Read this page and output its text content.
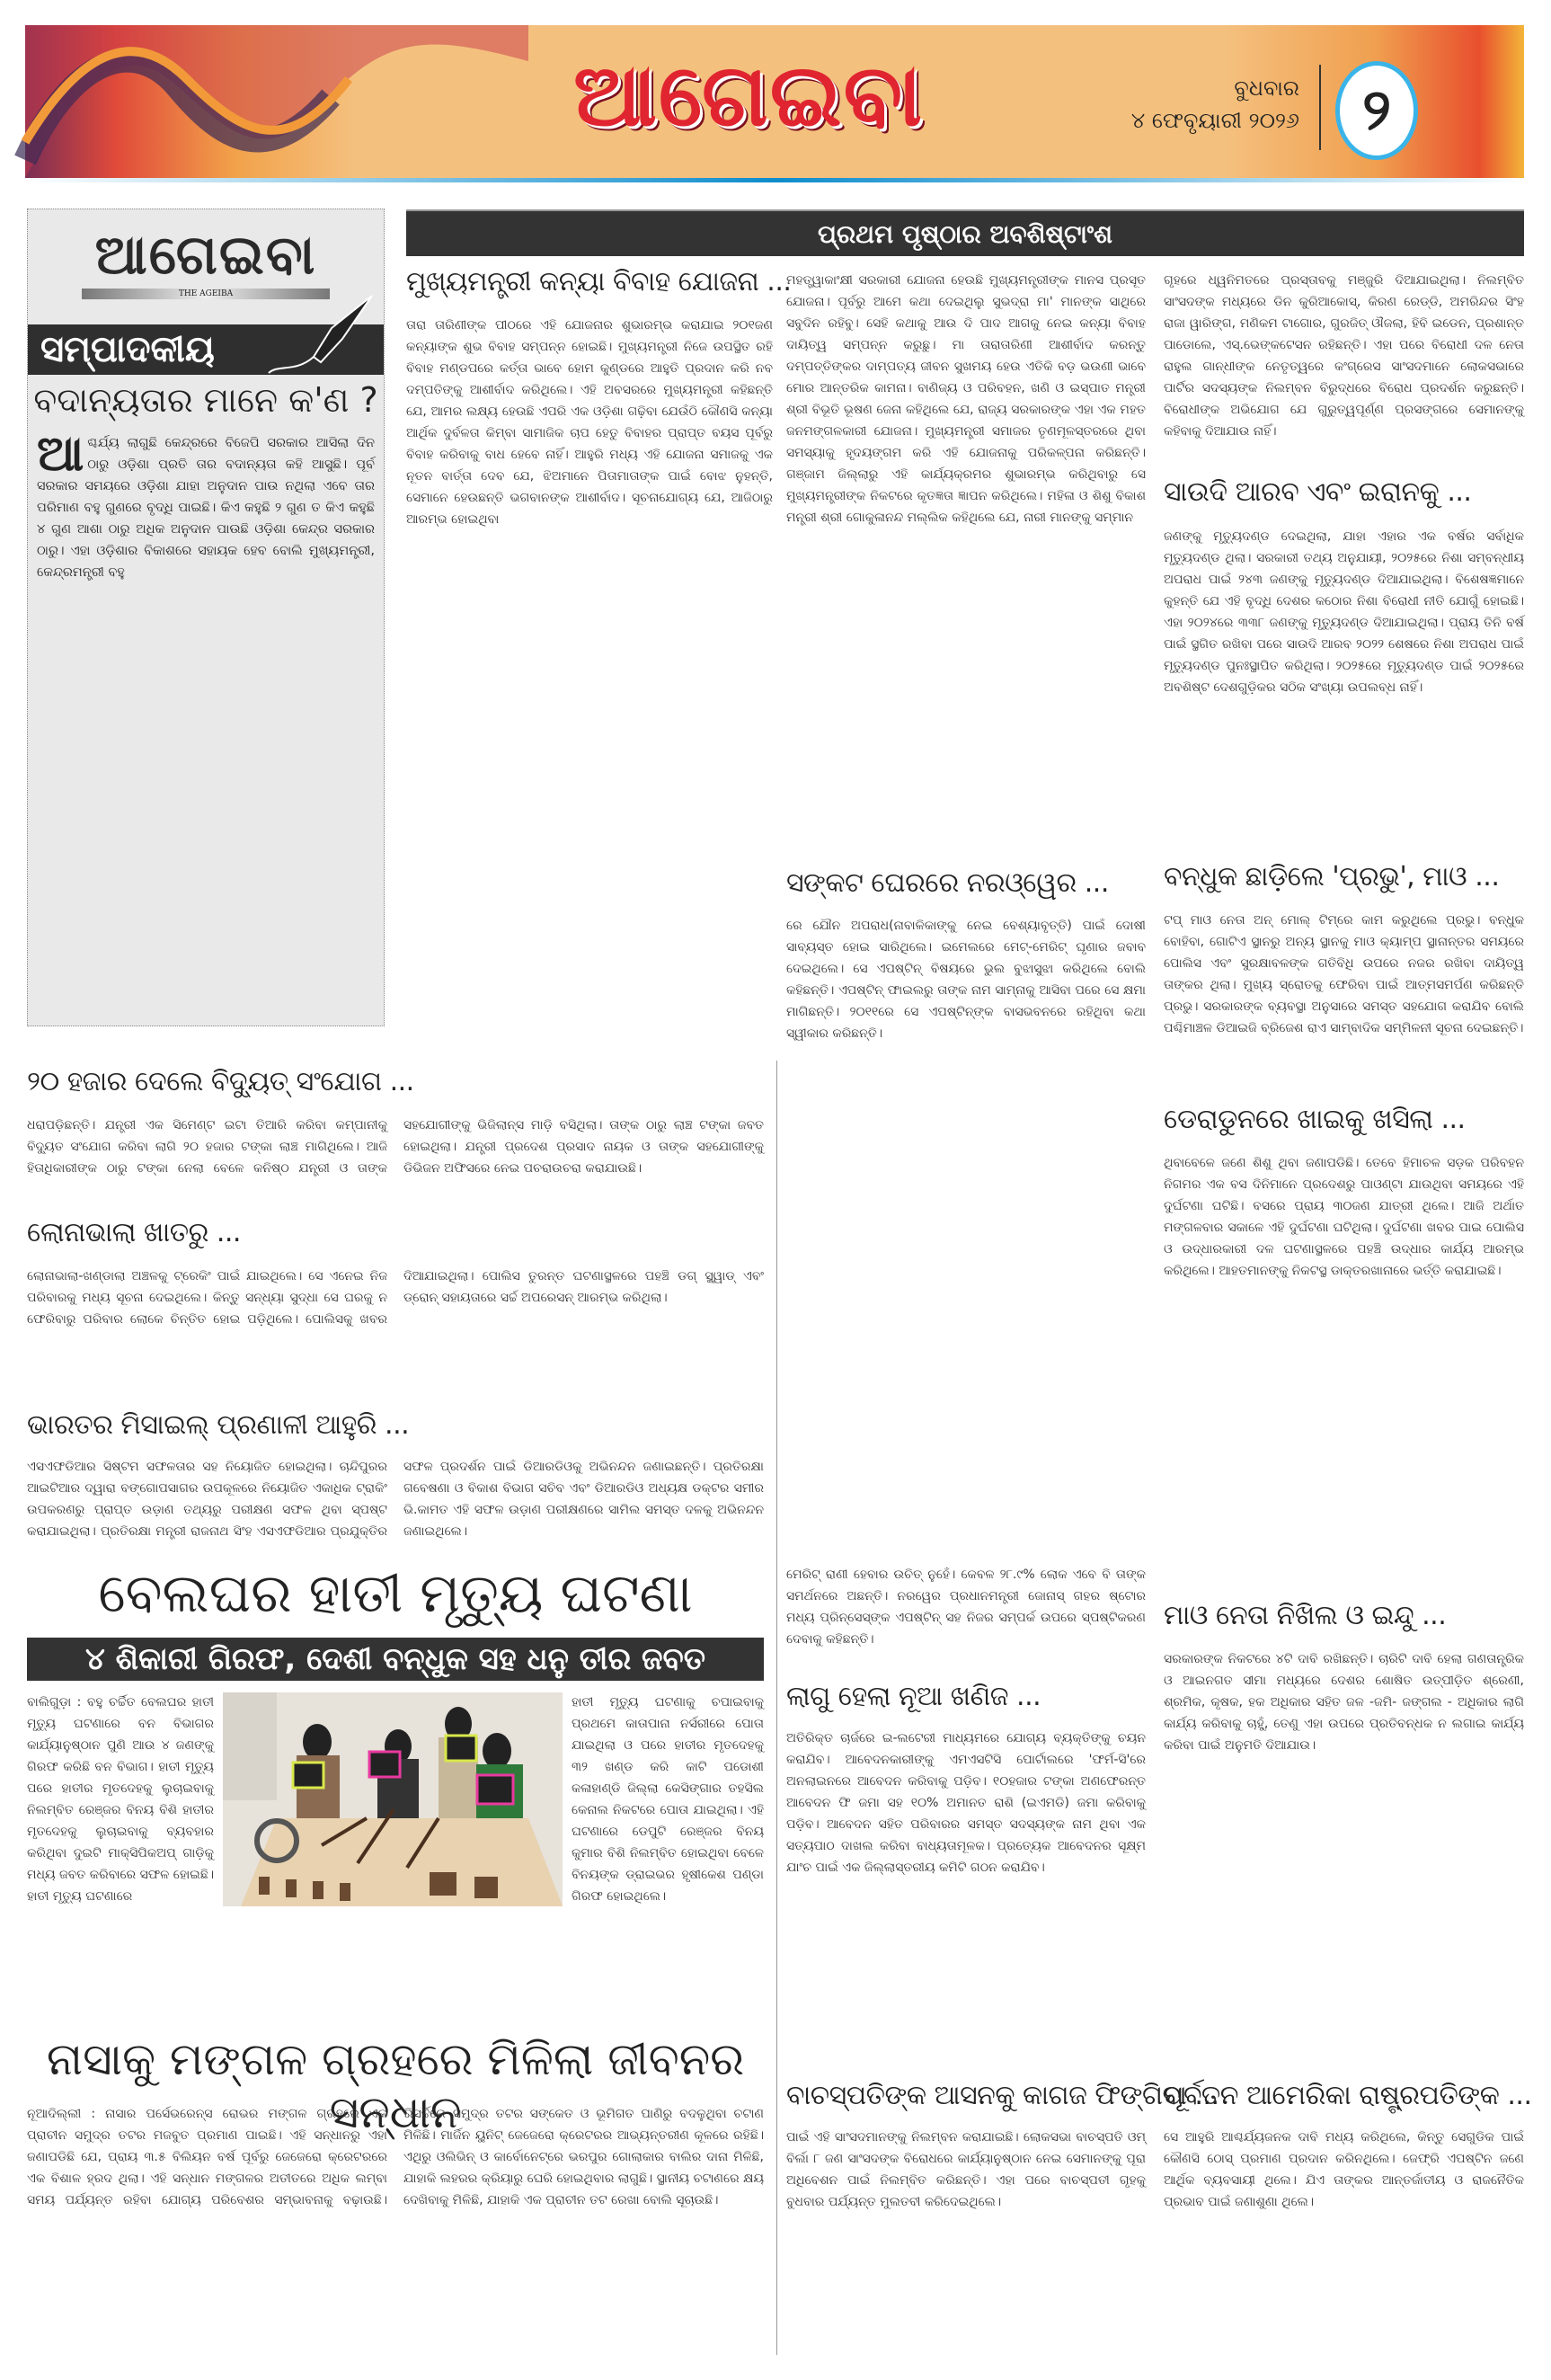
ଆଗେଇବା	ବୁଧବାର
୪ ଫେବୃୟାରୀ ୨୦୨୬	୨
ଆଗେଇବା
THE AGEIBA
ସମ୍ପାଦକୀୟ
ବଦାନ୍ୟତାର ମାନେ କ'ଣ ?
ଆଶ୍ଚର୍ଯ୍ୟ ଲାଗୁଛି କେନ୍ଦ୍ରରେ ବିଜେପି ସରକାର ଆସିଲା ଦିନ ଠାରୁ ଓଡ଼ିଶା ପ୍ରତି ତାର ବଦାନ୍ୟତା କହି ଆସୁଛି। ପୂର୍ବ ସରକାର ସମୟରେ ଓଡ଼ିଶା ଯାହା ଅନୁଦାନ ପାଉ ନଥିଲା ଏବେ ତାର ପରିମାଣ ବହୁ ଗୁଣରେ ବୃଦ୍ଧି ପାଇଛି। କିଏ କହୁଛି ୨ ଗୁଣ ତ କିଏ କହୁଛି ୪ ଗୁଣ ଆଶା ଠାରୁ ଅଧିକ ଅନୁଦାନ ପାଉଛି ଓଡ଼ିଶା କେନ୍ଦ୍ର ସରକାର ଠାରୁ। ଏହା ଓଡ଼ିଶାର ବିକାଶରେ ସହାୟକ ହେବ ବୋଲି ମୁଖ୍ୟମନ୍ତ୍ରୀ, କେନ୍ଦ୍ରମନ୍ତ୍ରୀ ବହୁ
ପ୍ରଥମ ପୃଷ୍ଠାର ଅବଶିଷ୍ଟାଂଶ
ମୁଖ୍ୟମନ୍ତ୍ରୀ କନ୍ୟା ବିବାହ ଯୋଜନା ...
ତାରା ତାରିଣୀଙ୍କ ପୀଠରେ ଏହି ଯୋଜନାର ଶୁଭାରମ୍ଭ କରାଯାଇ ୨୦୧ଜଣ କନ୍ୟାଙ୍କ ଶୁଭ ବିବାହ ସମ୍ପନ୍ନ ହୋଇଛି। ମୁଖ୍ୟମନ୍ତ୍ରୀ ନିଜେ ଉପସ୍ଥିତ ରହି ବିବାହ ମଣ୍ଡପରେ କର୍ତ୍ତା ଭାବେ ହୋମ କୁଣ୍ଡରେ ଆହୁତି ପ୍ରଦାନ କରି ନବ ଦମ୍ପତିଙ୍କୁ ଆଶୀର୍ବାଦ କରିଥିଲେ। ଏହି ଅବସରରେ ମୁଖ୍ୟମନ୍ତ୍ରୀ କହିଛନ୍ତି ଯେ, ଆମର ଲକ୍ଷ୍ୟ ହେଉଛି ଏପରି ଏକ ଓଡ଼ିଶା ଗଢ଼ିବା ଯେଉଁଠି କୌଣସି କନ୍ୟା ଆର୍ଥିକ ଦୁର୍ବଳତା କିମ୍ବା ସାମାଜିକ ଚାପ ହେତୁ ବିବାହର ପ୍ରାପ୍ତ ବୟସ ପୂର୍ବରୁ ବିବାହ କରିବାକୁ ବାଧ ହେବେ ନାହିଁ। ଆହୁରି ମଧ୍ୟ ଏହି ଯୋଜନା ସମାଜକୁ ଏକ ନୂତନ ବାର୍ତ୍ତା ଦେବ ଯେ, ଝିଅମାନେ ପିତାମାତାଙ୍କ ପାଇଁ ବୋଝ ନୁହନ୍ତି, ସେମାନେ ହେଉଛନ୍ତି ଭଗବାନଙ୍କ ଆଶୀର୍ବାଦ। ସୂଚନାଯୋଗ୍ୟ ଯେ, ଆଜିଠାରୁ ଆରମ୍ଭ ହୋଇଥିବା
ମହତ୍ତ୍ୱାକାଂକ୍ଷୀ ସରକାରୀ ଯୋଜନା ହେଉଛି ମୁଖ୍ୟମନ୍ତ୍ରୀଙ୍କ ମାନସ ପ୍ରସୂତ ଯୋଜନା। ପୂର୍ବରୁ ଆମେ କଥା ଦେଇଥିଲୁ ସୁଭଦ୍ରା ମା' ମାନଙ୍କ ସାଥିରେ ସବୁଦିନ ରହିବୁ। ସେହି କଥାକୁ ଆଉ ଦି ପାଦ ଆଗକୁ ନେଇ କନ୍ୟା ବିବାହ ଦାୟିତ୍ୱ ସମ୍ପନ୍ନ କରୁଛୁ। ମା ତାରାତାରିଣୀ ଆଶୀର୍ବାଦ କରନ୍ତୁ ଦମ୍ପତ୍ତିଙ୍କର ଦାମ୍ପତ୍ୟ ଜୀବନ ସୁଖମୟ ହେଉ ଏତିକି ବଡ଼ ଭଉଣୀ ଭାବେ ମୋର ଆନ୍ତରିକ କାମନା। ବାଣିଜ୍ୟ ଓ ପରିବହନ, ଖଣି ଓ ଇସ୍ପାତ ମନ୍ତ୍ରୀ ଶ୍ରୀ ବିଭୂତି ଭୂଷଣ ଜେନା କହିଥିଲେ ଯେ, ରାଜ୍ୟ ସରକାରଙ୍କ ଏହା ଏକ ମହତ ଜନମଙ୍ଗଳକାରୀ ଯୋଜନା। ମୁଖ୍ୟମନ୍ତ୍ରୀ ସମାଜର ତୃଣମୂଳସ୍ତରରେ ଥିବା ସମସ୍ୟାକୁ ହୃଦୟଙ୍ଗମ କରି ଏହି ଯୋଜନାକୁ ପରିକଳ୍ପନା କରିଛନ୍ତି। ଗଞ୍ଜାମ ଜିଲ୍ଲାରୁ ଏହି କାର୍ଯ୍ୟକ୍ରମର ଶୁଭାରମ୍ଭ କରିଥିବାରୁ ସେ ମୁଖ୍ୟମନ୍ତ୍ରୀଙ୍କ ନିକଟରେ କୃତଜ୍ଞତା ଜ୍ଞାପନ କରିଥିଲେ। ମହିଳା ଓ ଶିଶୁ ବିକାଶ ମନ୍ତ୍ରୀ ଶ୍ରୀ ଗୋକୁଳାନନ୍ଦ ମଲ୍ଲିକ କହିଥିଲେ ଯେ, ନାରୀ ମାନଙ୍କୁ ସମ୍ମାନ
ଗୃହରେ ଧ୍ୱନିମତରେ ପ୍ରସ୍ତାବକୁ ମଞ୍ଜୁରି ଦିଆଯାଇଥିଲା। ନିଲମ୍ବିତ ସାଂସଦଙ୍କ ମଧ୍ୟରେ ଡିନ କୁରିଆକୋସ୍, କିରଣ ରେଡ୍ଡି, ଅମରିନ୍ଦର ସିଂହ ରାଜା ୱାରିଙ୍ଗ, ମଣିକମ ଟାଗୋର, ଗୁରଜିତ୍ ଔଜଲା, ହିବି ଇଡେନ, ପ୍ରଶାନ୍ତ ପାଡୋଲେ, ଏସ୍.ଭେଙ୍କଟେସନ ରହିଛନ୍ତି। ଏହା ପରେ ବିରୋଧୀ ଦଳ ନେତା ରାହୁଲ ଗାନ୍ଧୀଙ୍କ ନେତୃତ୍ୱରେ କଂଗ୍ରେସ ସାଂସଦମାନେ ଲୋକସଭାରେ ପାର୍ଟିର ସଦସ୍ୟଙ୍କ ନିଲମ୍ବନ ବିରୁଦ୍ଧରେ ବିରୋଧ ପ୍ରଦର୍ଶନ କରୁଛନ୍ତି। ବିରୋଧୀଙ୍କ ଅଭିଯୋଗ ଯେ ଗୁରୁତ୍ୱପୂର୍ଣ୍ଣ ପ୍ରସଙ୍ଗରେ ସେମାନଙ୍କୁ କହିବାକୁ ଦିଆଯାଉ ନାହିଁ।
ସାଉଦି ଆରବ ଏବଂ ଇରାନକୁ ...
ଜଣଙ୍କୁ ମୃତ୍ୟୁଦଣ୍ଡ ଦେଇଥିଲା, ଯାହା ଏହାର ଏକ ବର୍ଷର ସର୍ବାଧିକ ମୃତ୍ୟୁଦଣ୍ଡ ଥିଲା। ସରକାରୀ ତଥ୍ୟ ଅନୁଯାୟୀ, ୨୦୨୫ରେ ନିଶା ସମ୍ବନ୍ଧୀୟ ଅପରାଧ ପାଇଁ ୨୪୩ ଜଣଙ୍କୁ ମୃତ୍ୟୁଦଣ୍ଡ ଦିଆଯାଇଥିଲା। ବିଶେଷଜ୍ଞମାନେ କୁହନ୍ତି ଯେ ଏହି ବୃଦ୍ଧି ଦେଶର କଠୋର ନିଶା ବିରୋଧୀ ନୀତି ଯୋଗୁଁ ହୋଇଛି। ଏହା ୨୦୨୪ରେ ୩୩୮ ଜଣଙ୍କୁ ମୃତ୍ୟୁଦଣ୍ଡ ଦିଆଯାଇଥିଲା। ପ୍ରାୟ ତିନି ବର୍ଷ ପାଇଁ ସ୍ଥଗିତ ରଖିବା ପରେ ସାଉଦି ଆରବ ୨୦୨୨ ଶେଷରେ ନିଶା ଅପରାଧ ପାଇଁ ମୃତ୍ୟୁଦଣ୍ଡ ପୁନଃସ୍ଥାପିତ କରିଥିଲା। ୨୦୨୫ରେ ମୃତ୍ୟୁଦଣ୍ଡ ପାଇଁ ୨୦୨୫ରେ ଅବଶିଷ୍ଟ ଦେଶଗୁଡ଼ିକର ସଠିକ ସଂଖ୍ୟା ଉପଲବ୍ଧ ନାହିଁ।
ସଙ୍କଟ ଘେରରେ ନରଓ୍ୱେର ...
ରେ ଯୌନ ଅପରାଧ(ନାବାଳିକାଙ୍କୁ ନେଇ ବେଶ୍ୟାବୃତ୍ତି) ପାଇଁ ଦୋଷୀ ସାବ୍ୟସ୍ତ ହୋଇ ସାରିଥିଲେ। ଇମେଲରେ ମେଟ୍-ମେରିଟ୍ ଘୃଣାର ଜବାବ ଦେଇଥିଲେ। ସେ ଏପଷ୍ଟିନ୍ ବିଷୟରେ ଭୁଲ ବୁଝାସୁଝା କରିଥିଲେ ବୋଲି କହିଛନ୍ତି। ଏପଷ୍ଟିନ୍ ଫାଇଲରୁ ତାଙ୍କ ନାମ ସାମ୍ନାକୁ ଆସିବା ପରେ ସେ କ୍ଷମା ମାଗିଛନ୍ତି। ୨୦୧୧ରେ ସେ ଏପଷ୍ଟିନ୍ଙ୍କ ବାସଭବନରେ ରହିଥିବା କଥା ସ୍ୱୀକାର କରିଛନ୍ତି।
ମେରିଟ୍ ରାଣୀ ହେବାର ଉଚିତ୍ ନୁହେଁ। କେବଳ ୨୮.୯% ଲୋକ ଏବେ ବି ତାଙ୍କ ସମର୍ଥନରେ ଅଛନ୍ତି। ନରୱେର ପ୍ରଧାନମନ୍ତ୍ରୀ ଜୋନାସ୍ ଗହର ଷ୍ଟୋର ମଧ୍ୟ ପ୍ରିନ୍ସେସ୍ଙ୍କ ଏପଷ୍ଟିନ୍ ସହ ନିଜର ସମ୍ପର୍କ ଉପରେ ସ୍ପଷ୍ଟିକରଣ ଦେବାକୁ କହିଛନ୍ତି।
ବନ୍ଧୁକ ଛାଡ଼ିଲେ 'ପ୍ରଭୁ', ମାଓ ...
ଟପ୍ ମାଓ ନେତା ଅନ୍ ମୋଲ୍ ଟିମ୍ରେ କାମ କରୁଥିଲେ ପ୍ରଭୁ। ବନ୍ଧୁକ ବୋହିବା, ଗୋଟିଏ ସ୍ଥାନରୁ ଅନ୍ୟ ସ୍ଥାନକୁ ମାଓ କ୍ୟାମ୍ପ ସ୍ଥାନାନ୍ତର ସମୟରେ ପୋଲିସ ଏବଂ ସୁରକ୍ଷାବଳଙ୍କ ଗତିବିଧି ଉପରେ ନଜର ରଖିବା ଦାୟିତ୍ୱ ତାଙ୍କର ଥିଲା। ମୁଖ୍ୟ ସ୍ରୋତକୁ ଫେରିବା ପାଇଁ ଆତ୍ମସମର୍ପଣ କରିଛନ୍ତି ପ୍ରଭୁ। ସରକାରଙ୍କ ବ୍ୟବସ୍ଥା ଅନୁସାରେ ସମସ୍ତ ସହଯୋଗ କରାଯିବ ବୋଲି ପଶ୍ଚିମାଞ୍ଚଳ ଡିଆଇଜି ବ୍ରିଜେଶ ରାଏ ସାମ୍ବାଦିକ ସମ୍ମିଳନୀ ସୂଚନା ଦେଇଛନ୍ତି।
ଡେରାଡୁନରେ ଖାଇକୁ ଖସିଲା ...
ଥିବାବେଳେ ଜଣେ ଶିଶୁ ଥିବା ଜଣାପଡିଛି। ତେବେ ହିମାଚଳ ସଡ଼କ ପରିବହନ ନିଗମର ଏକ ବସ ଦିନିମାନେ ପ୍ରଦେଶରୁ ପାଓଣ୍ଟା ଯାଉଥିବା ସମୟରେ ଏହି ଦୁର୍ଘଟଣା ଘଟିଛି। ବସରେ ପ୍ରାୟ ୩୦ଜଣ ଯାତ୍ରୀ ଥିଲେ। ଆଜି ଅର୍ଥାତ ମଙ୍ଗଳବାର ସକାଳେ ଏହି ଦୁର୍ଘଟଣା ଘଟିଥିଲା। ଦୁର୍ଘଟଣା ଖବର ପାଇ ପୋଲିସ ଓ ଉଦ୍ଧାରକାରୀ ଦଳ ଘଟଣାସ୍ଥଳରେ ପହଞ୍ଚି ଉଦ୍ଧାର କାର୍ଯ୍ୟ ଆରମ୍ଭ କରିଥିଲେ। ଆହତମାନଙ୍କୁ ନିକଟସ୍ଥ ଡାକ୍ତରଖାନାରେ ଭର୍ତ୍ତି କରାଯାଇଛି।
ମାଓ ନେତା ନିଖିଲ ଓ ଇନ୍ଦୁ ...
ସରକାରଙ୍କ ନିକଟରେ ୪ଟି ଦାବି ରଖିଛନ୍ତି। ଚାରିଟି ଦାବି ହେଲା ଗଣତାନ୍ତ୍ରିକ ଓ ଆଇନଗତ ସୀମା ମଧ୍ୟରେ ଦେଶର ଶୋଷିତ ଉତ୍ପୀଡ଼ିତ ଶ୍ରେଣୀ, ଶ୍ରମିକ, କୃଷକ, ହକ ଅଧିକାର ସହିତ ଜଳ -ଜମି- ଜଙ୍ଗଲ - ଅଧିକାର ଲାଗି କାର୍ଯ୍ୟ କରିବାକୁ ଚାହୁଁ, ତେଣୁ ଏହା ଉପରେ ପ୍ରତିବନ୍ଧକ ନ ଲଗାଇ କାର୍ଯ୍ୟ କରିବା ପାଇଁ ଅନୁମତି ଦିଆଯାଉ।
ଲାଗୁ ହେଲା ନୂଆ ଖଣିଜ ...
ଅତିରିକ୍ତ ଚାର୍ଜରେ ଇ-ଲଟେରୀ ମାଧ୍ୟମରେ ଯୋଗ୍ୟ ବ୍ୟକ୍ତିଙ୍କୁ ଚୟନ କରାଯିବ। ଆବେଦନକାରୀଙ୍କୁ ଏମଏସଟିସି ପୋର୍ଟାଲରେ 'ଫର୍ମ-ସି'ରେ ଅନଲାଇନରେ ଆବେଦନ କରିବାକୁ ପଡ଼ିବ। ୧୦ହଜାର ଟଙ୍କା ଅଣଫେରନ୍ତ ଆବେଦନ ଫି ଜମା ସହ ୧୦% ଅମାନତ ରାଶି (ଇଏମଡି) ଜମା କରିବାକୁ ପଡ଼ିବ। ଆବେଦନ ସହିତ ପରିବାରର ସମସ୍ତ ସଦସ୍ୟଙ୍କ ନାମ ଥିବା ଏକ ସତ୍ୟପାଠ ଦାଖଲ କରିବା ବାଧ୍ୟତାମୂଳକ। ପ୍ରତ୍ୟେକ ଆବେଦନର ସୂକ୍ଷ୍ମ ଯାଂଚ ପାଇଁ ଏକ ଜିଲ୍ଲାସ୍ତରୀୟ କମିଟି ଗଠନ କରାଯିବ।
ବାଚସ୍ପତିଙ୍କ ଆସନକୁ କାଗଜ ଫିଙ୍ଗିବା ...
ପାଇଁ ଏହି ସାଂସଦମାନଙ୍କୁ ନିଲମ୍ବନ କରାଯାଇଛି। ଲୋକସଭା ବାଚସ୍ପତି ଓମ୍ ବିର୍ଲା ୮ ଜଣ ସାଂସଦଙ୍କ ବିରୋଧରେ କାର୍ଯ୍ୟାନୁଷ୍ଠାନ ନେଇ ସେମାନଙ୍କୁ ପୂରା ଅଧିବେଶନ ପାଇଁ ନିଲମ୍ବିତ କରିଛନ୍ତି। ଏହା ପରେ ବାଚସ୍ପତୀ ଗୃହକୁ ବୁଧବାର ପର୍ଯ୍ୟନ୍ତ ମୁଲତବୀ କରିଦେଇଥିଲେ।
ପୂର୍ବତନ ଆମେରିକା ରାଷ୍ଟ୍ରପତିଙ୍କ ...
ସେ ଆହୁରି ଆଶ୍ଚର୍ଯ୍ୟଜନକ ଦାବି ମଧ୍ୟ କରିଥିଲେ, କିନ୍ତୁ ସେଗୁଡିକ ପାଇଁ କୌଣସି ଠୋସ୍ ପ୍ରମାଣ ପ୍ରଦାନ କରିନଥିଲେ। ଜେଫ୍ରି ଏପଷ୍ଟିନ ଜଣେ ଆର୍ଥିକ ବ୍ୟବସାୟୀ ଥିଲେ। ଯିଏ ତାଙ୍କର ଆନ୍ତର୍ଜାତୀୟ ଓ ରାଜନୈତିକ ପ୍ରଭାବ ପାଇଁ ଜଣାଶୁଣା ଥିଲେ।
୨୦ ହଜାର ଦେଲେ ବିଦ୍ୟୁତ୍ ସଂଯୋଗ ...
ଧରାପଡ଼ିଛନ୍ତି। ଯନ୍ତ୍ରୀ ଏକ ସିମେଣ୍ଟ ଇଟା ତିଆରି କରିବା କମ୍ପାନୀକୁ ବିଦ୍ୟୁତ ସଂଯୋଗ କରିବା ଲାଗି ୨୦ ହଜାର ଟଙ୍କା ଲାଞ୍ଚ ମାଗିଥିଲେ। ଆଜି ହିତାଧିକାରୀଙ୍କ ଠାରୁ ଟଙ୍କା ନେଲା ବେଳେ କନିଷ୍ଠ ଯନ୍ତ୍ରୀ ଓ ତାଙ୍କ ସହଯୋଗୀଙ୍କୁ ଭିଜିଲାନ୍ସ ମାଡ଼ି ବସିଥିଲା। ତାଙ୍କ ଠାରୁ ଲାଞ୍ଚ ଟଙ୍କା ଜବତ ହୋଇଥିଲା। ଯନ୍ତ୍ରୀ ପ୍ରଦେଶ ପ୍ରସାଦ ନାୟକ ଓ ତାଙ୍କ ସହଯୋଗୀଙ୍କୁ ଡିଭିଜନ ଅଫିସରେ ନେଇ ପଚରାଉଚରା କରାଯାଉଛି।
ଲୋନାଭାଲା ଖାତରୁ ...
ଲୋନାଭାଲା-ଖଣ୍ଡାଲା ଅଞ୍ଚଳକୁ ଟ୍ରେକିଂ ପାଇଁ ଯାଇଥିଲେ। ସେ ଏନେଇ ନିଜ ପରିବାରକୁ ମଧ୍ୟ ସୂଚନା ଦେଇଥିଲେ। କିନ୍ତୁ ସନ୍ଧ୍ୟା ସୁଦ୍ଧା ସେ ଘରକୁ ନ ଫେରିବାରୁ ପରିବାର ଲୋକେ ଚିନ୍ତିତ ହୋଇ ପଡ଼ିଥିଲେ। ପୋଲିସକୁ ଖବର ଦିଆଯାଇଥିଲା। ପୋଲିସ ତୁରନ୍ତ ଘଟଣାସ୍ଥଳରେ ପହଞ୍ଚି ଡଗ୍ ସ୍କ୍ୱାଡ୍ ଏବଂ ଡ୍ରୋନ୍ ସହାୟତାରେ ସର୍ଚ୍ଚ ଅପରେସନ୍ ଆରମ୍ଭ କରିଥିଲା।
ଭାରତର ମିସାଇଲ୍ ପ୍ରଣାଳୀ ଆହୁରି ...
ଏସଏଫଡିଆର ସିଷ୍ଟମ ସଫଳତାର ସହ ନିୟୋଜିତ ହୋଇଥିଲା। ଚାନ୍ଦିପୁରର ଆଇଟିଆର ଦ୍ୱାରା ବଙ୍ଗୋପସାଗର ଉପକୂଳରେ ନିୟୋଜିତ ଏକାଧିକ ଟ୍ରାକିଂ ଉପକରଣରୁ ପ୍ରାପ୍ତ ଉଡ଼ାଣ ତଥ୍ୟରୁ ପରୀକ୍ଷଣ ସଫଳ ଥିବା ସ୍ପଷ୍ଟ କରାଯାଇଥିଲା। ପ୍ରତିରକ୍ଷା ମନ୍ତ୍ରୀ ରାଜନାଥ ସିଂହ ଏସଏଫଡିଆର ପ୍ରଯୁକ୍ତିର ସଫଳ ପ୍ରଦର୍ଶନ ପାଇଁ ଡିଆରଡିଓକୁ ଅଭିନନ୍ଦନ ଜଣାଇଛନ୍ତି। ପ୍ରତିରକ୍ଷା ଗବେଷଣା ଓ ବିକାଶ ବିଭାଗ ସଚିବ ଏବଂ ଡିଆରଡିଓ ଅଧ୍ୟକ୍ଷ ଡକ୍ଟର ସମୀର ଭି.କାମତ ଏହି ସଫଳ ଉଡ଼ାଣ ପରୀକ୍ଷଣରେ ସାମିଲ ସମସ୍ତ ଦଳକୁ ଅଭିନନ୍ଦନ ଜଣାଇଥିଲେ।
ବେଲଘର ହାତୀ ମୃତ୍ୟୁ ଘଟଣା
୪ ଶିକାରୀ ଗିରଫ, ଦେଶୀ ବନ୍ଧୁକ ସହ ଧନୁ ତୀର ଜବତ
ବାଲିଗୁଡ଼ା : ବହୁ ଚର୍ଚ୍ଚିତ ବେଲଘର ହାତୀ ମୃତ୍ୟୁ ଘଟଣାରେ ବନ ବିଭାଗର କାର୍ଯ୍ୟାନୁଷ୍ଠାନ ପୁଣି ଆଉ ୪ ଜଣଙ୍କୁ ଗିରଫ କରିଛି ବନ ବିଭାଗ। ହାତୀ ମୃତ୍ୟୁ ପରେ ହାତୀର ମୃତଦେହକୁ ଲୁଚାଇବାକୁ ନିଲମ୍ବିତ ରେଞ୍ଜର ବିନୟ ବିଶି ହାତୀର ମୃତଦେହକୁ ଲୁଚାଇବାକୁ ବ୍ୟବହାର କରିଥିବା ଦୁଇଟି ମାକ୍ସିପିକଅପ୍ ଗାଡ଼ିକୁ ମଧ୍ୟ ଜବତ କରିବାରେ ସଫଳ ହୋଇଛି। ହାତୀ ମୃତ୍ୟୁ ଘଟଣାରେ
ହାତୀ ମୃତ୍ୟୁ ଘଟଣାକୁ ଚପାଇବାକୁ ପ୍ରଥମେ କାତାପାନା ନର୍ସରୀରେ ପୋତା ଯାଇଥିଲା ଓ ପରେ ହାତୀର ମୃତଦେହକୁ ୩୨ ଖଣ୍ଡ କରି କାଟି ପଡୋଶୀ କଳାହାଣ୍ଡି ଜିଲ୍ଲା କେସିଙ୍ଗାର ତହସିଲ କେନାଲ ନିକଟରେ ପୋତା ଯାଇଥିଲା। ଏହି ଘଟଣାରେ ଡେପୁଟି ରେଞ୍ଜର ବିନୟ କୁମାର ବିଶି ନିଲମ୍ବିତ ହୋଇଥିବା ବେଳେ ବିନୟଙ୍କ ଡ୍ରାଇଭର ହୃଷୀକେଶ ପଣ୍ଡା ଗିରଫ ହୋଇଥିଲେ।
ନାସାକୁ ମଙ୍ଗଳ ଗ୍ରହରେ ମିଳିଲା ଜୀବନର ସନ୍ଧାନ
ନୂଆଦିଲ୍ଲୀ : ନାସାର ପର୍ସେଭରେନ୍ସ ରୋଭର ମଙ୍ଗଳ ଗ୍ରହରେ ଏକ ପ୍ରାଚୀନ ସମୁଦ୍ର ତଟର ମଜବୁତ ପ୍ରମାଣ ପାଇଛି। ଏହି ସନ୍ଧାନରୁ ଏହା ଜଣାପଡିଛି ଯେ, ପ୍ରାୟ ୩.୫ ବିଲିୟନ ବର୍ଷ ପୂର୍ବରୁ ଜେଜେରୋ କ୍ରେଟରରେ ଏକ ବିଶାଳ ହ୍ରଦ ଥିଲା। ଏହି ସନ୍ଧାନ ମଙ୍ଗଳର ଅତୀତରେ ଅଧିକ ଲମ୍ବା ସମୟ ପର୍ଯ୍ୟନ୍ତ ରହିବା ଯୋଗ୍ୟ ପରିବେଶର ସମ୍ଭାବନାକୁ ବଢ଼ାଉଛି। ରିସର୍ଚ୍ଚରେ ସମୁଦ୍ର ତଟର ସଙ୍କେତ ଓ ଭୂମିଗତ ପାଣିରୁ ବଦଳୁଥିବା ଚଟାଣ ମିଳିଛି। ମାର୍ଜିନ ୟୁନିଟ୍ ଜେଜେରୋ କ୍ରେଟରର ଆଭ୍ୟନ୍ତରୀଣ କୂଳରେ ରହିଛି। ଏଥିରୁ ଓଲିଭିନ୍ ଓ କାର୍ବୋନେଟ୍ରେ ଭରପୁର ଗୋଲାକାର ବାଲିର ଦାନା ମିଳିଛି, ଯାହାକି ଲହରର କ୍ରିୟାରୁ ଘେରି ହୋଇଥିବାର ଲାଗୁଛି। ସ୍ଥାନୀୟ ଚଟାଣରେ କ୍ଷୟ ଦେଖିବାକୁ ମିଳିଛି, ଯାହାକି ଏକ ପ୍ରାଚୀନ ତଟ ରେଖା ବୋଲି ସୂଚାଉଛି।
